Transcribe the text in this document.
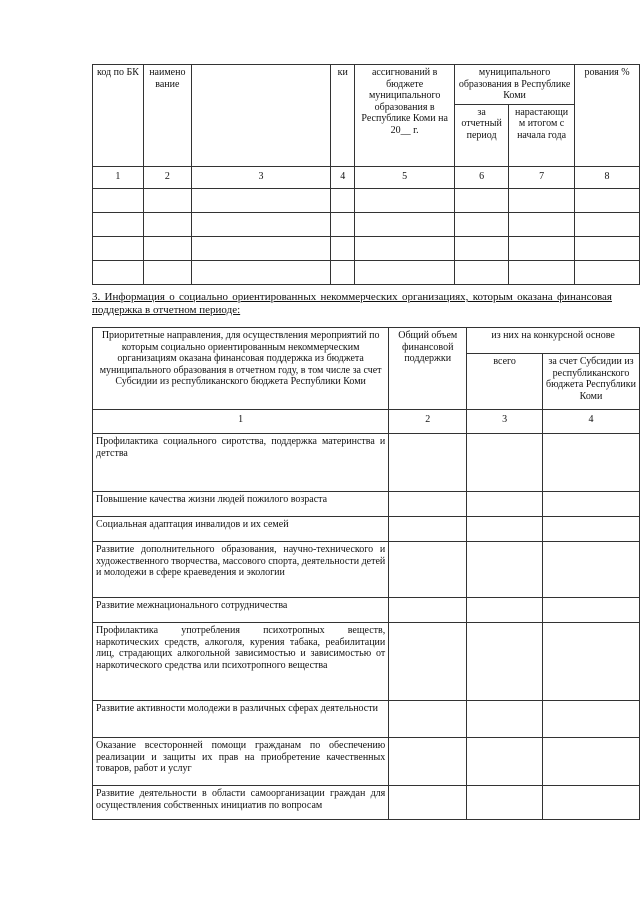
код по БК	наимено вание		ки	ассигнований в бюджете муниципального образования в Республике Коми на 20__ г.	муниципального образования в Республике Коми		рования %
					за отчетный период	нарастающи м итогом с начала года	
1	2	3	4	5	6	7	8

3. Информация о социально ориентированных некоммерческих организациях, которым оказана финансовая поддержка в отчетном периоде:
Приоритетные направления, для осуществления мероприятий по которым социально ориентированным некоммерческим организациям оказана финансовая поддержка из бюджета муниципального образования в отчетном году, в том числе за счет Субсидии из республиканского бюджета Республики Коми	Общий объем финансовой поддержки	из них на конкурсной основе	
		всего	за счет Субсидии из республиканского бюджета Республики Коми
1	2	3	4
Профилактика социального сиротства, поддержка материнства и детства			
Повышение качества жизни людей пожилого возраста			
Социальная адаптация инвалидов и их семей			
Развитие дополнительного образования, научно-технического и художественного творчества, массового спорта, деятельности детей и молодежи в сфере краеведения и экологии			
Развитие межнационального сотрудничества			
Профилактика употребления психотропных веществ, наркотических средств, алкоголя, курения табака, реабилитации лиц, страдающих алкогольной зависимостью и зависимостью от наркотического средства или психотропного вещества			
Развитие активности молодежи в различных сферах деятельности			
Оказание всесторонней помощи гражданам по обеспечению реализации и защиты их прав на приобретение качественных товаров, работ и услуг			
Развитие деятельности в области самоорганизации граждан для осуществления собственных инициатив по вопросам			
